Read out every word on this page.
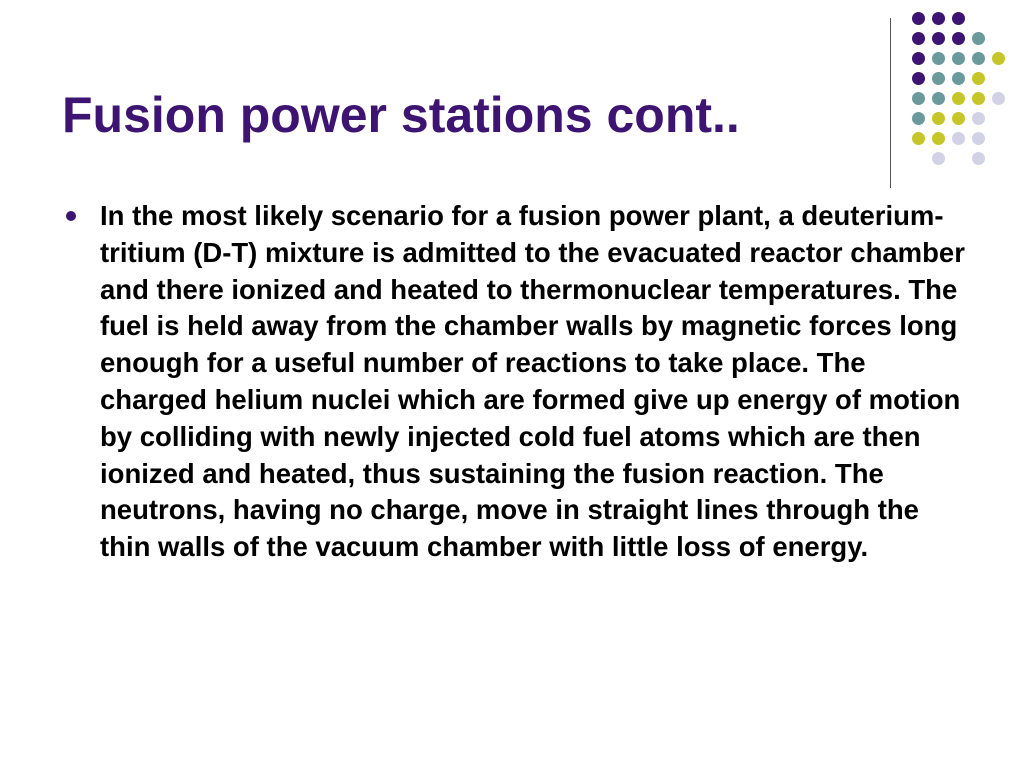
Fusion power stations cont..
In the most likely scenario for a fusion power plant, a deuterium-tritium (D-T) mixture is admitted to the evacuated reactor chamber and there ionized and heated to thermonuclear temperatures. The fuel is held away from the chamber walls by magnetic forces long enough for a useful number of reactions to take place. The charged helium nuclei which are formed give up energy of motion by colliding with newly injected cold fuel atoms which are then ionized and heated, thus sustaining the fusion reaction. The neutrons, having no charge, move in straight lines through the thin walls of the vacuum chamber with little loss of energy.
